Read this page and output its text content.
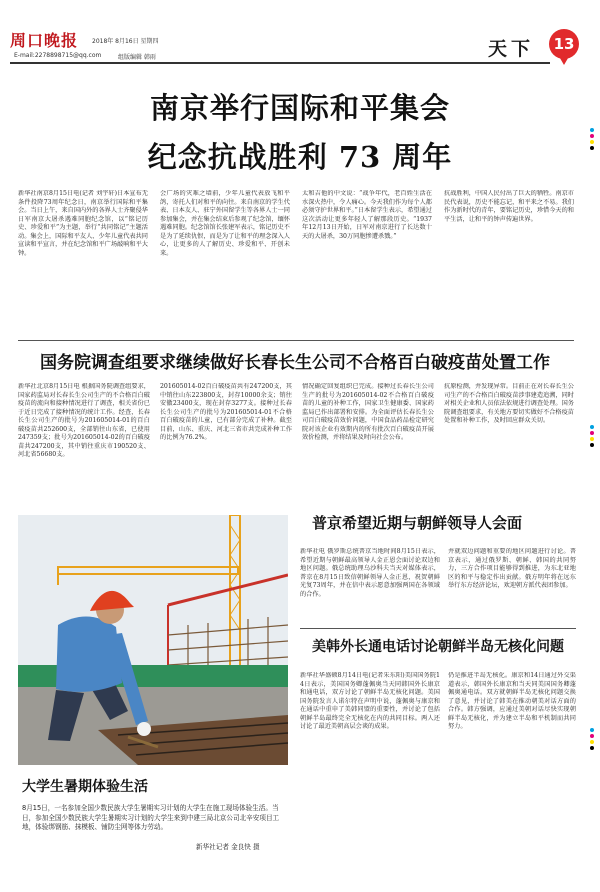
周口晚报	2018年 8月16日 星期四
E-mail:2278898715@qq.com	组版编辑 韩雨	天下	13
南京举行国际和平集会
纪念抗战胜利 73 周年
新华社南京8月15日电(记者 刘宇轩)日本宣布无条件投降73周年纪念日，南京举行国际和平集会。当日上午，来自国内外的各界人士齐聚侵华日军南京大屠杀遇难同胞纪念馆，以“铭记历史、珍爱和平”为主题，举行“共同铭记”主题活动。集会上，国际和平友人、少年儿童代表共同宣读和平宣言，并在纪念馆和平广场敲响和平大钟。
会广场的灾难之墙前，少年儿童代表放飞和平鸽，寄托人们对和平的向往。来自南京的学生代表、日本友人、驻宁外国留学生等各界人士一同参加集会，并在集会结束后参观了纪念馆，缅怀遇难同胞。纪念馆馆长张建军表示，铭记历史不是为了延续仇恨，而是为了让和平的理念深入人心，让更多的人了解历史、珍爱和平、开创未来。
太和吉他的中文说：“战争年代，老百姓生活在水深火热中，令人痛心。今天我们作为每个人都必须守护世界和平。”日本留学生表示，希望通过这次活动让更多年轻人了解那段历史。“1937年12月13日开始，日军对南京进行了长达数十天的大屠杀，30万同胞惨遭杀戮。”
抗战胜利，中国人民付出了巨大的牺牲。南京市民代表说，历史不能忘记，和平来之不易。我们作为新时代的青年，要铭记历史，珍惜今天的和平生活，让和平的钟声传遍世界。
国务院调查组要求继续做好长春长生公司不合格百白破疫苗处置工作
新华社北京8月15日电 根据国务院调查组要求，国家药监局对长春长生公司生产的不合格百白破疫苗的流向和接种情况进行了调查，相关省份已于近日完成了接种情况的统计工作。经查，长春长生公司生产的批号为201605014-01的百白破疫苗共252600支，全部销往山东省，已使用247359支；批号为201605014-02的百白破疫苗共247200支，其中销往重庆市190520支、河北省56680支。
201605014-02百白破疫苗共有247200支，其中销往山东223800支，封存10000余支；销往安徽23400支，现在封存3277支。接种过长春长生公司生产的批号为201605014-01不合格百白破疫苗的儿童，已有部分完成了补种。截至目前，山东、重庆、河北三省市共完成补种工作的比例为76.2%。
情况确定回复组织已完成。接种过长春长生公司生产的批号为201605014-02不合格百白破疫苗的儿童的补种工作，国家卫生健康委、国家药监局已作出部署和安排。为全面评估长春长生公司百白破疫苗效价问题，中国食品药品检定研究院对该企业有效期内的所有批次百白破疫苗开展效价检测，并将结果及时向社会公布。
抗原检测，并发现异常。目前正在对长春长生公司生产的不合格百白破疫苗涉事建造追溯，同时对相关企业和人员依法依规进行调查处理。国务院调查组要求，有关地方要切实做好不合格疫苗处置和补种工作，及时回应群众关切。
大学生暑期体验生活
8月15日，一名参加全国少数民族大学生暑期实习计划的大学生在施工现场体验生活。当日，参加全国少数民族大学生暑期实习计划的大学生来到中建三局北京公司北辛安项目工地，体验绑钢筋、抹模板、铺防尘网等体力劳动。
新华社记者 金良快 摄
普京希望近期与朝鲜领导人会面
新华社电 俄罗斯总统普京当地时间8月15日表示，希望近期与朝鲜最高领导人金正恩会面讨论双边和地区问题。俄总统助理乌沙科夫当天对媒体表示，普京在8月15日致信朝鲜领导人金正恩，祝贺朝鲜光复73周年，并在信中表示愿意加强两国在各领域的合作。
并就双边问题和重要的地区问题进行讨论。普京表示，通过俄罗斯、朝鲜、韩国的共同努力，三方合作项目能够得到推进，为东北亚地区的和平与稳定作出贡献。俄方明年将在远东举行东方经济论坛，欢迎朝方派代表团参加。
美韩外长通电话讨论朝鲜半岛无核化问题
新华社华盛顿8月14日电(记者朱东阳)美国国务院14日表示，美国国务卿蓬佩奥当天同韩国外长康京和通电话，双方讨论了朝鲜半岛无核化问题。美国国务院发言人诺尔特在声明中说，蓬佩奥与康京和在通话中重申了美韩同盟的重要性，并讨论了包括朝鲜半岛最终完全无核化在内的共同目标。两人还讨论了最近美朝高层会谈的成果。
仍是推进半岛无核化。康京和14日通过外交渠道表示，韩国外长康京和当天同美国国务卿蓬佩奥通电话。双方就朝鲜半岛无核化问题交换了意见，并讨论了韩美在推动朝美对话方面的合作。韩方强调，应通过美朝对话尽快实现朝鲜半岛无核化，并为建立半岛和平机制而共同努力。
